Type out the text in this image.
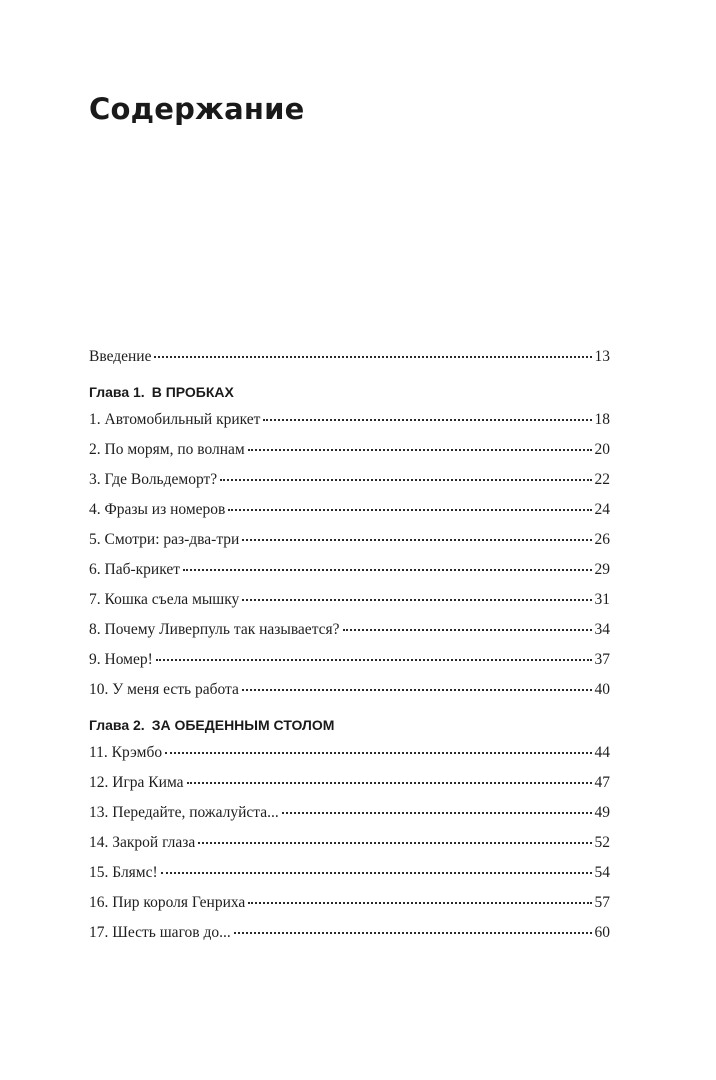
Содержание
Введение	13
Глава 1. В ПРОБКАХ
1. Автомобильный крикет	18
2. По морям, по волнам	20
3. Где Вольдеморт?	22
4. Фразы из номеров	24
5. Смотри: раз-два-три	26
6. Паб-крикет	29
7. Кошка съела мышку	31
8. Почему Ливерпуль так называется?	34
9. Номер!	37
10. У меня есть работа	40
Глава 2. ЗА ОБЕДЕННЫМ СТОЛОМ
11. Крэмбо	44
12. Игра Кима	47
13. Передайте, пожалуйста...	49
14. Закрой глаза	52
15. Блямс!	54
16. Пир короля Генриха	57
17. Шесть шагов до...	60
